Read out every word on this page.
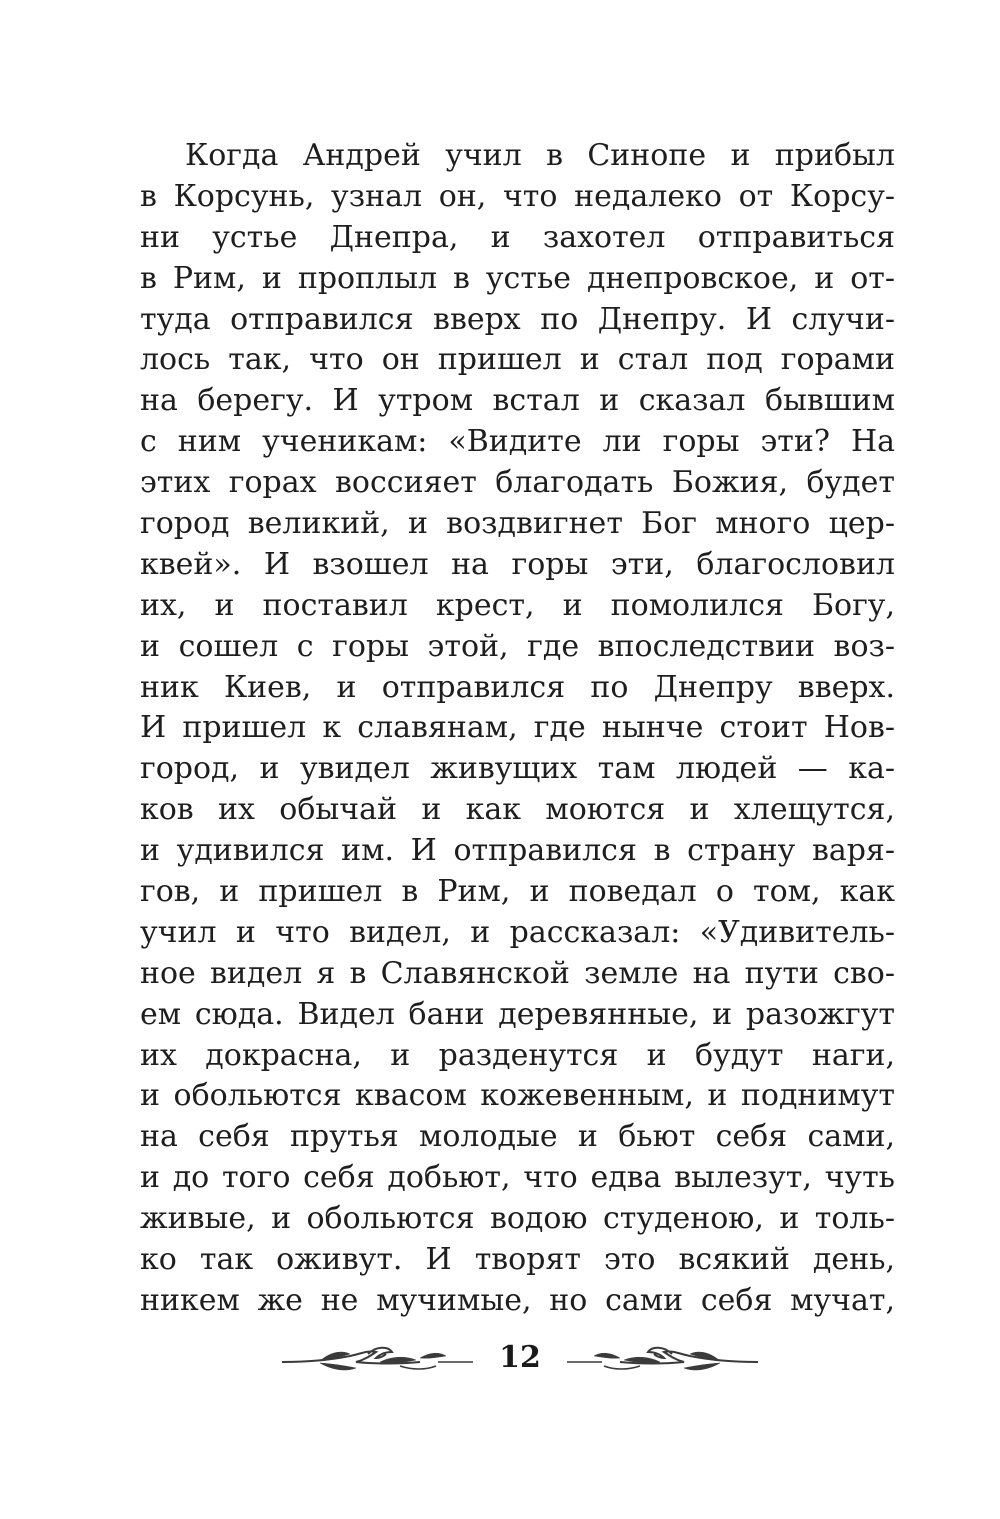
Когда Андрей учил в Синопе и прибыл
в Корсунь, узнал он, что недалеко от Корсу-
ни устье Днепра, и захотел отправиться
в Рим, и проплыл в устье днепровское, и от-
туда отправился вверх по Днепру. И случи-
лось так, что он пришел и стал под горами
на берегу. И утром встал и сказал бывшим
с ним ученикам: «Видите ли горы эти? На
этих горах воссияет благодать Божия, будет
город великий, и воздвигнет Бог много цер-
квей». И взошел на горы эти, благословил
их, и поставил крест, и помолился Богу,
и сошел с горы этой, где впоследствии воз-
ник Киев, и отправился по Днепру вверх.
И пришел к славянам, где нынче стоит Нов-
город, и увидел живущих там людей — ка-
ков их обычай и как моются и хлещутся,
и удивился им. И отправился в страну варя-
гов, и пришел в Рим, и поведал о том, как
учил и что видел, и рассказал: «Удивитель-
ное видел я в Славянской земле на пути сво-
ем сюда. Видел бани деревянные, и разожгут
их докрасна, и разденутся и будут наги,
и обольются квасом кожевенным, и поднимут
на себя прутья молодые и бьют себя сами,
и до того себя добьют, что едва вылезут, чуть
живые, и обольются водою студеною, и толь-
ко так оживут. И творят это всякий день,
никем же не мучимые, но сами себя мучат,
12
